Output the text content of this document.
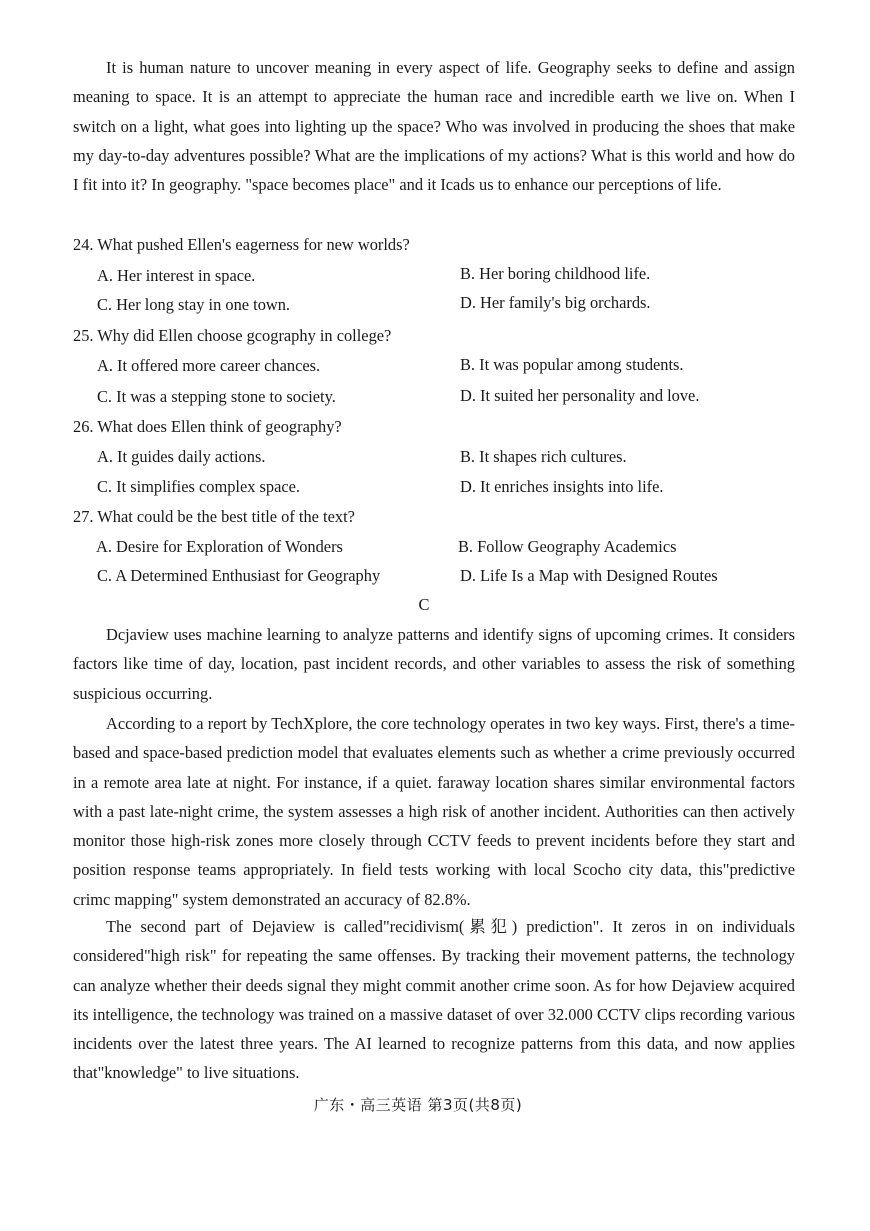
It is human nature to uncover meaning in every aspect of life. Geography seeks to define and assign meaning to space. It is an attempt to appreciate the human race and incredible earth we live on. When I switch on a light, what goes into lighting up the space? Who was involved in producing the shoes that make my day-to-day adventures possible? What are the implications of my actions? What is this world and how do I fit into it? In geography. "space becomes place" and it Icads us to enhance our perceptions of life.

24. What pushed Ellen's eagerness for new worlds?
A. Her interest in space.	B. Her boring childhood life.
C. Her long stay in one town.	D. Her family's big orchards.
25. Why did Ellen choose gcography in college?
A. It offered more career chances.	B. It was popular among students.
C. It was a stepping stone to society.	D. It suited her personality and love.
26. What does Ellen think of geography?
A. It guides daily actions.	B. It shapes rich cultures.
C. It simplifies complex space.	D. It enriches insights into life.
27. What could be the best title of the text?
A. Desire for Exploration of Wonders	B. Follow Geography Academics
C. A Determined Enthusiast for Geography	D. Life Is a Map with Designed Routes
C

Dcjaview uses machine learning to analyze patterns and identify signs of upcoming crimes. It considers factors like time of day, location, past incident records, and other variables to assess the risk of something suspicious occurring.

According to a report by TechXplore, the core technology operates in two key ways. First, there's a time-based and space-based prediction model that evaluates elements such as whether a crime previously occurred in a remote area late at night. For instance, if a quiet. faraway location shares similar environmental factors with a past late-night crime, the system assesses a high risk of another incident. Authorities can then actively monitor those high-risk zones more closely through CCTV feeds to prevent incidents before they start and position response teams appropriately. In field tests working with local Scocho city data, this"predictive crimc mapping" system demonstrated an accuracy of 82.8%.

The second part of Dejaview is called"recidivism(累犯) prediction". It zeros in on individuals considered"high risk" for repeating the same offenses. By tracking their movement patterns, the technology can analyze whether their deeds signal they might commit another crime soon. As for how Dejaview acquired its intelligence, the technology was trained on a massive dataset of over 32.000 CCTV clips recording various incidents over the latest three years. The AI learned to recognize patterns from this data, and now applies that"knowledge" to live situations.

广东・高三英语 第3页(共8页)
